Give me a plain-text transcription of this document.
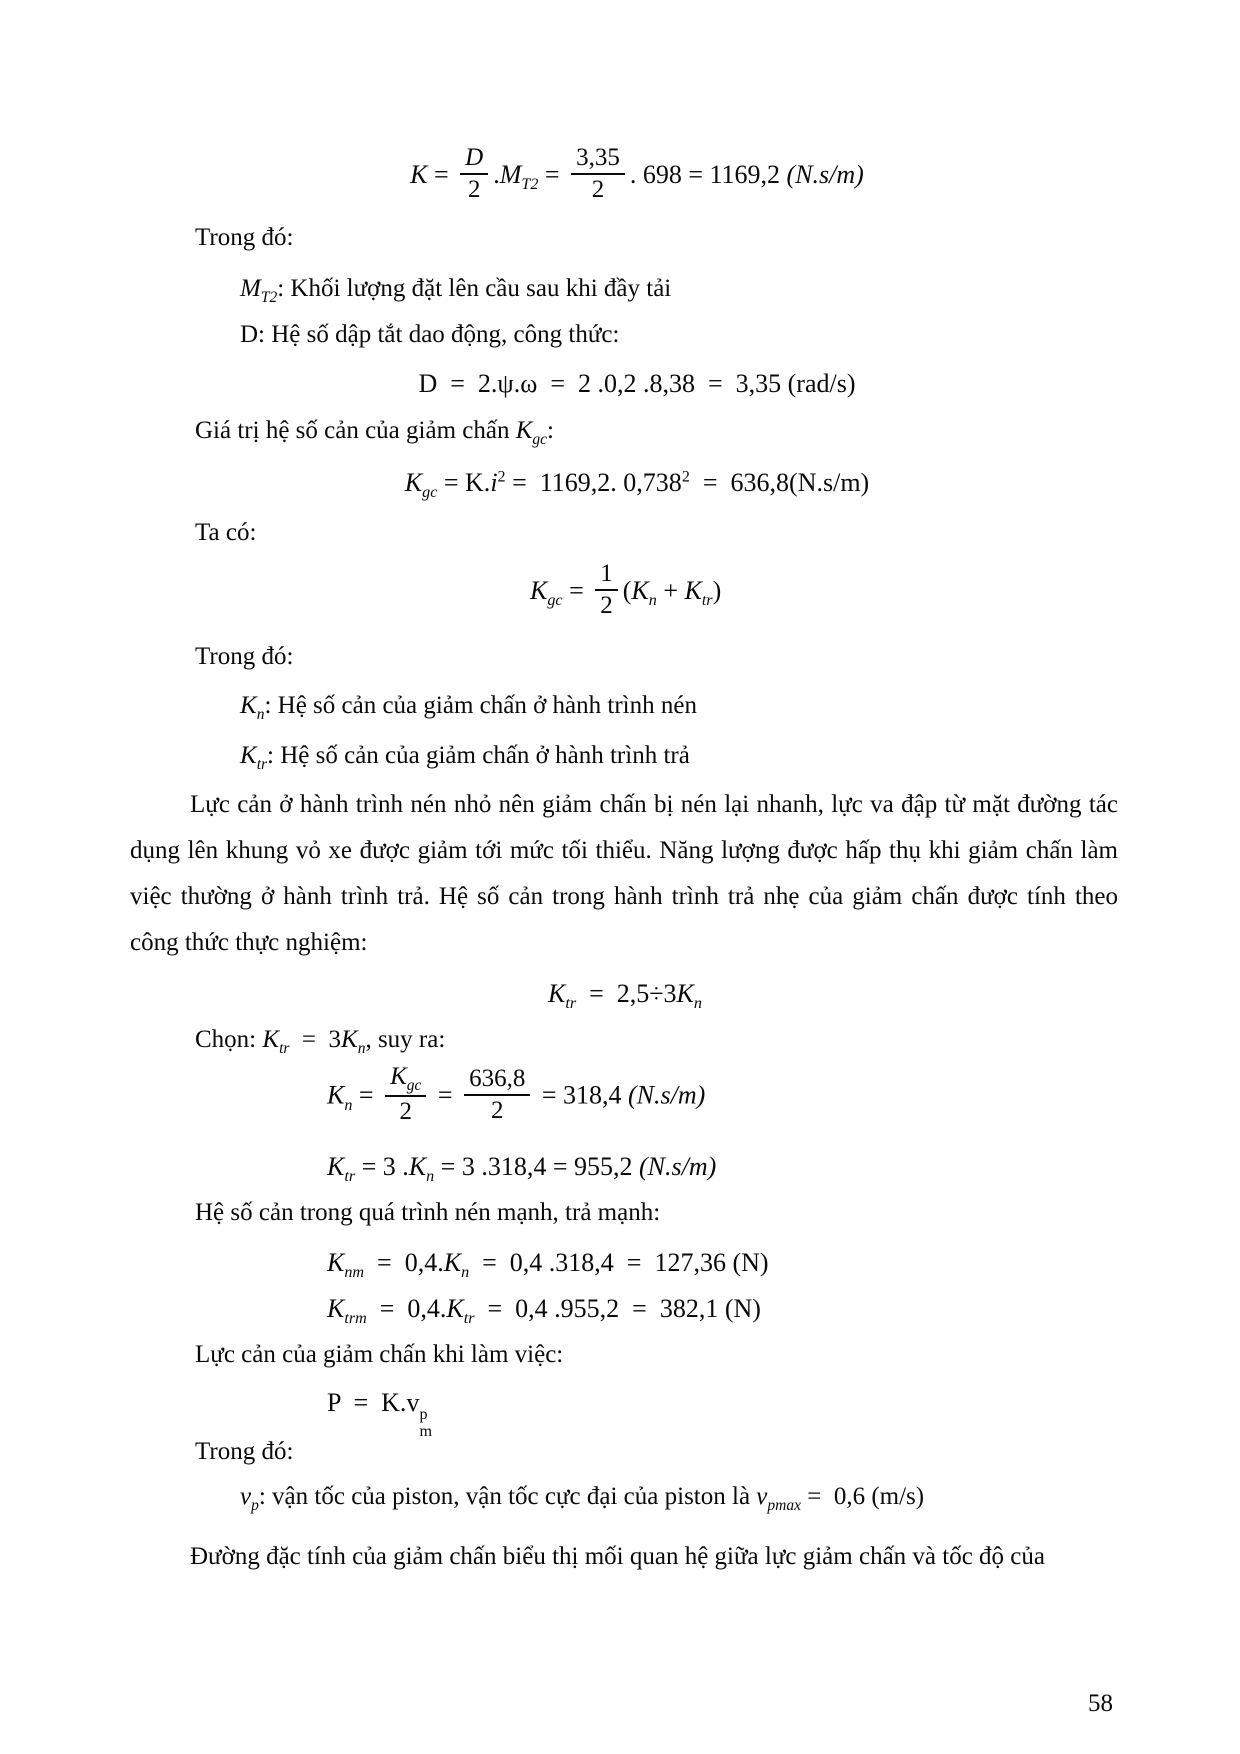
$K = \frac{D}{2} .M_{T2} = \frac{3,35}{2}$ . 698 = 1169,2 (N.s/m)
Trong đó:
$M_{T2}$: Khối lượng đặt lên cầu sau khi đầy tải
D: Hệ số dập tắt dao động, công thức:
D  =  2.ψ.ω  =  2 .0,2 .8,38  =  3,35 (rad/s)
Giá trị hệ số cản của giảm chấn $K_{gc}$:
$K_{gc} = K.i^2 = 1169,2$. 0,738$^2$  =  636,8(N.s/m)
Ta có:
$K_{gc} = \frac{1}{2} (K_n + K_{tr})$
Trong đó:
$K_n$: Hệ số cản của giảm chấn ở hành trình nén
$K_{tr}$: Hệ số cản của giảm chấn ở hành trình trả

Lực cản ở hành trình nén nhỏ nên giảm chấn bị nén lại nhanh, lực va đập từ mặt đường tác dụng lên khung vỏ xe được giảm tới mức tối thiểu. Năng lượng được hấp thụ khi giảm chấn làm việc thường ở hành trình trả. Hệ số cản trong hành trình trả nhẹ của giảm chấn được tính theo công thức thực nghiệm:

$K_{tr} = 2,5\div 3K_n$
Chọn: $K_{tr} = 3K_n$, suy ra:
$K_n = \frac{K_{gc}}{2} = \frac{636,8}{2} = 318,4$ (N.s/m)
$K_{tr} = 3$ $.K_n = 3$ .318,4 = 955,2 (N.s/m)
Hệ số cản trong quá trình nén mạnh, trả mạnh:
$K_{nm} = 0,4.K_n = 0,4$ .318,4  =  127,36 (N)
$K_{trm} = 0,4.K_{tr} = 0,4$ .955,2  =  382,1 (N)
Lực cản của giảm chấn khi làm việc:
P  =  K.v p
m
Trong đó:
$v_p$: vận tốc của piston, vận tốc cực đại của piston là $v_{pmax} = 0,6$ (m/s)

Đường đặc tính của giảm chấn biểu thị mối quan hệ giữa lực giảm chấn và tốc độ của

58
